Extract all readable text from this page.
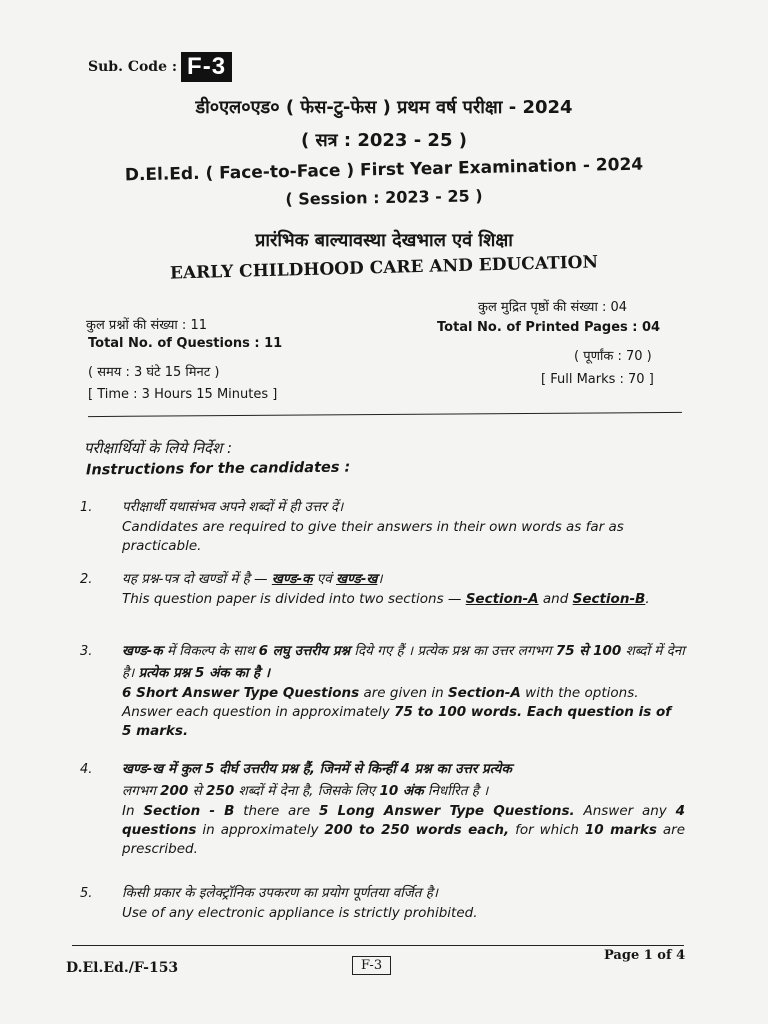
Sub. Code : F-3
डी०एल०एड० ( फेस-टु-फेस ) प्रथम वर्ष परीक्षा - 2024
( सत्र : 2023 - 25 )
D.El.Ed. ( Face-to-Face ) First Year Examination - 2024
( Session : 2023 - 25 )
प्रारंभिक बाल्यावस्था देखभाल एवं शिक्षा
EARLY CHILDHOOD CARE AND EDUCATION
कुल प्रश्नों की संख्या : 11
Total No. of Questions : 11
( समय : 3 घंटे 15 मिनट )
[ Time : 3 Hours 15 Minutes ]
कुल मुद्रित पृष्ठों की संख्या : 04
Total No. of Printed Pages : 04
( पूर्णांक : 70 )
[ Full Marks : 70 ]
परीक्षार्थियों के लिये निर्देश :
Instructions for the candidates :
1. परीक्षार्थी यथासंभव अपने शब्दों में ही उत्तर दें।
Candidates are required to give their answers in their own words as far as practicable.
2. यह प्रश्न-पत्र दो खण्डों में है — खण्ड-क एवं खण्ड-ख।
This question paper is divided into two sections — Section-A and Section-B.
3. खण्ड-क में विकल्प के साथ 6 लघु उत्तरीय प्रश्न दिये गए हैं । प्रत्येक प्रश्न का उत्तर लगभग 75 से 100 शब्दों में देना है। प्रत्येक प्रश्न 5 अंक का है ।
6 Short Answer Type Questions are given in Section-A with the options. Answer each question in approximately 75 to 100 words. Each question is of 5 marks.
4. खण्ड-ख में कुल 5 दीर्घ उत्तरीय प्रश्न हैं, जिनमें से किन्हीं 4 प्रश्न का उत्तर प्रत्येक
लगभग 200 से 250 शब्दों में देना है, जिसके लिए 10 अंक निर्धारित है ।
In Section - B there are 5 Long Answer Type Questions. Answer any 4 questions in approximately 200 to 250 words each, for which 10 marks are prescribed.
5. किसी प्रकार के इलेक्ट्रॉनिक उपकरण का प्रयोग पूर्णतया वर्जित है।
Use of any electronic appliance is strictly prohibited.
D.El.Ed./F-153	F-3
Page 1 of 4
